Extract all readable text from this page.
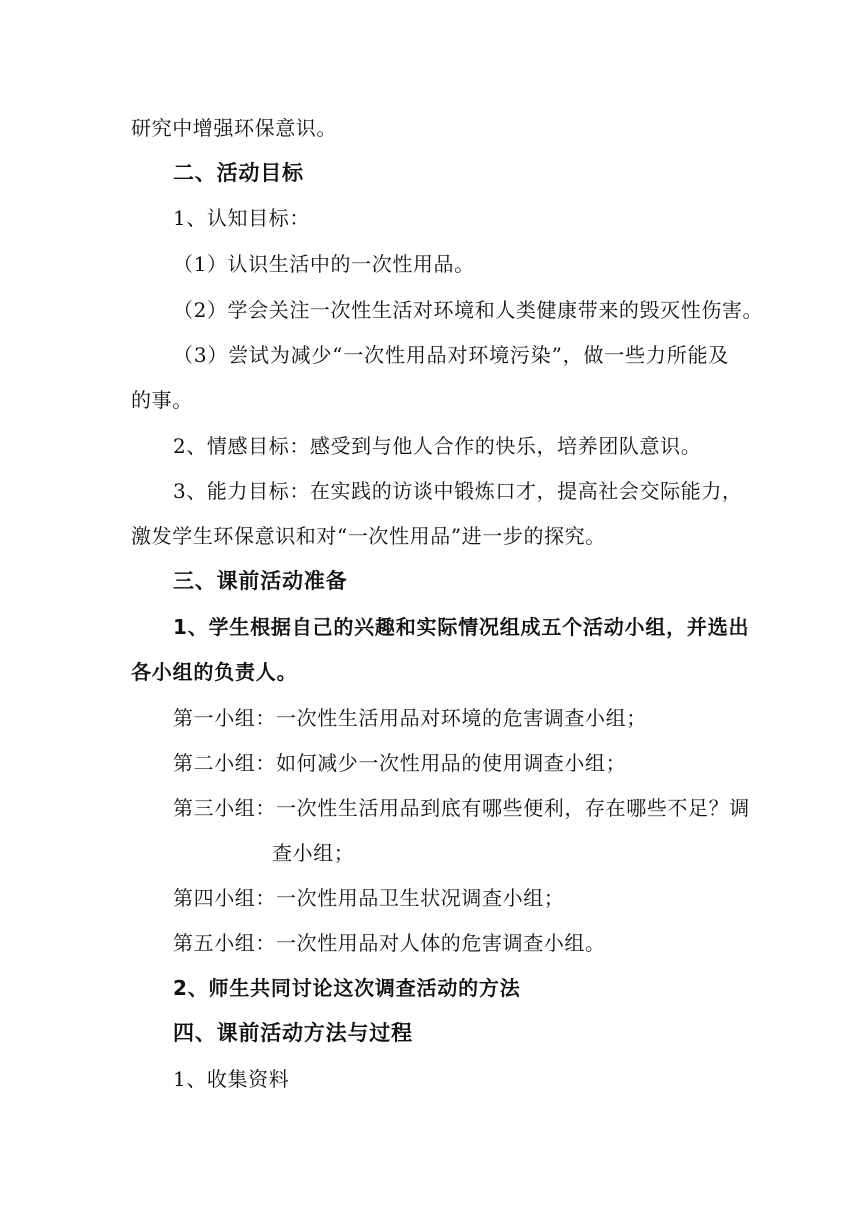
研究中增强环保意识。
二、活动目标
1、认知目标：
（1）认识生活中的一次性用品。
（2）学会关注一次性生活对环境和人类健康带来的毁灭性伤害。
（3）尝试为减少“一次性用品对环境污染”，做一些力所能及
的事。
2、情感目标：感受到与他人合作的快乐，培养团队意识。
3、能力目标：在实践的访谈中锻炼口才，提高社会交际能力，
激发学生环保意识和对“一次性用品”进一步的探究。
三、课前活动准备
1、学生根据自己的兴趣和实际情况组成五个活动小组，并选出
各小组的负责人。
第一小组：一次性生活用品对环境的危害调查小组；
第二小组：如何减少一次性用品的使用调查小组；
第三小组：一次性生活用品到底有哪些便利，存在哪些不足？调
查小组；
第四小组：一次性用品卫生状况调查小组；
第五小组：一次性用品对人体的危害调查小组。
2、师生共同讨论这次调查活动的方法
四、课前活动方法与过程
1、收集资料
